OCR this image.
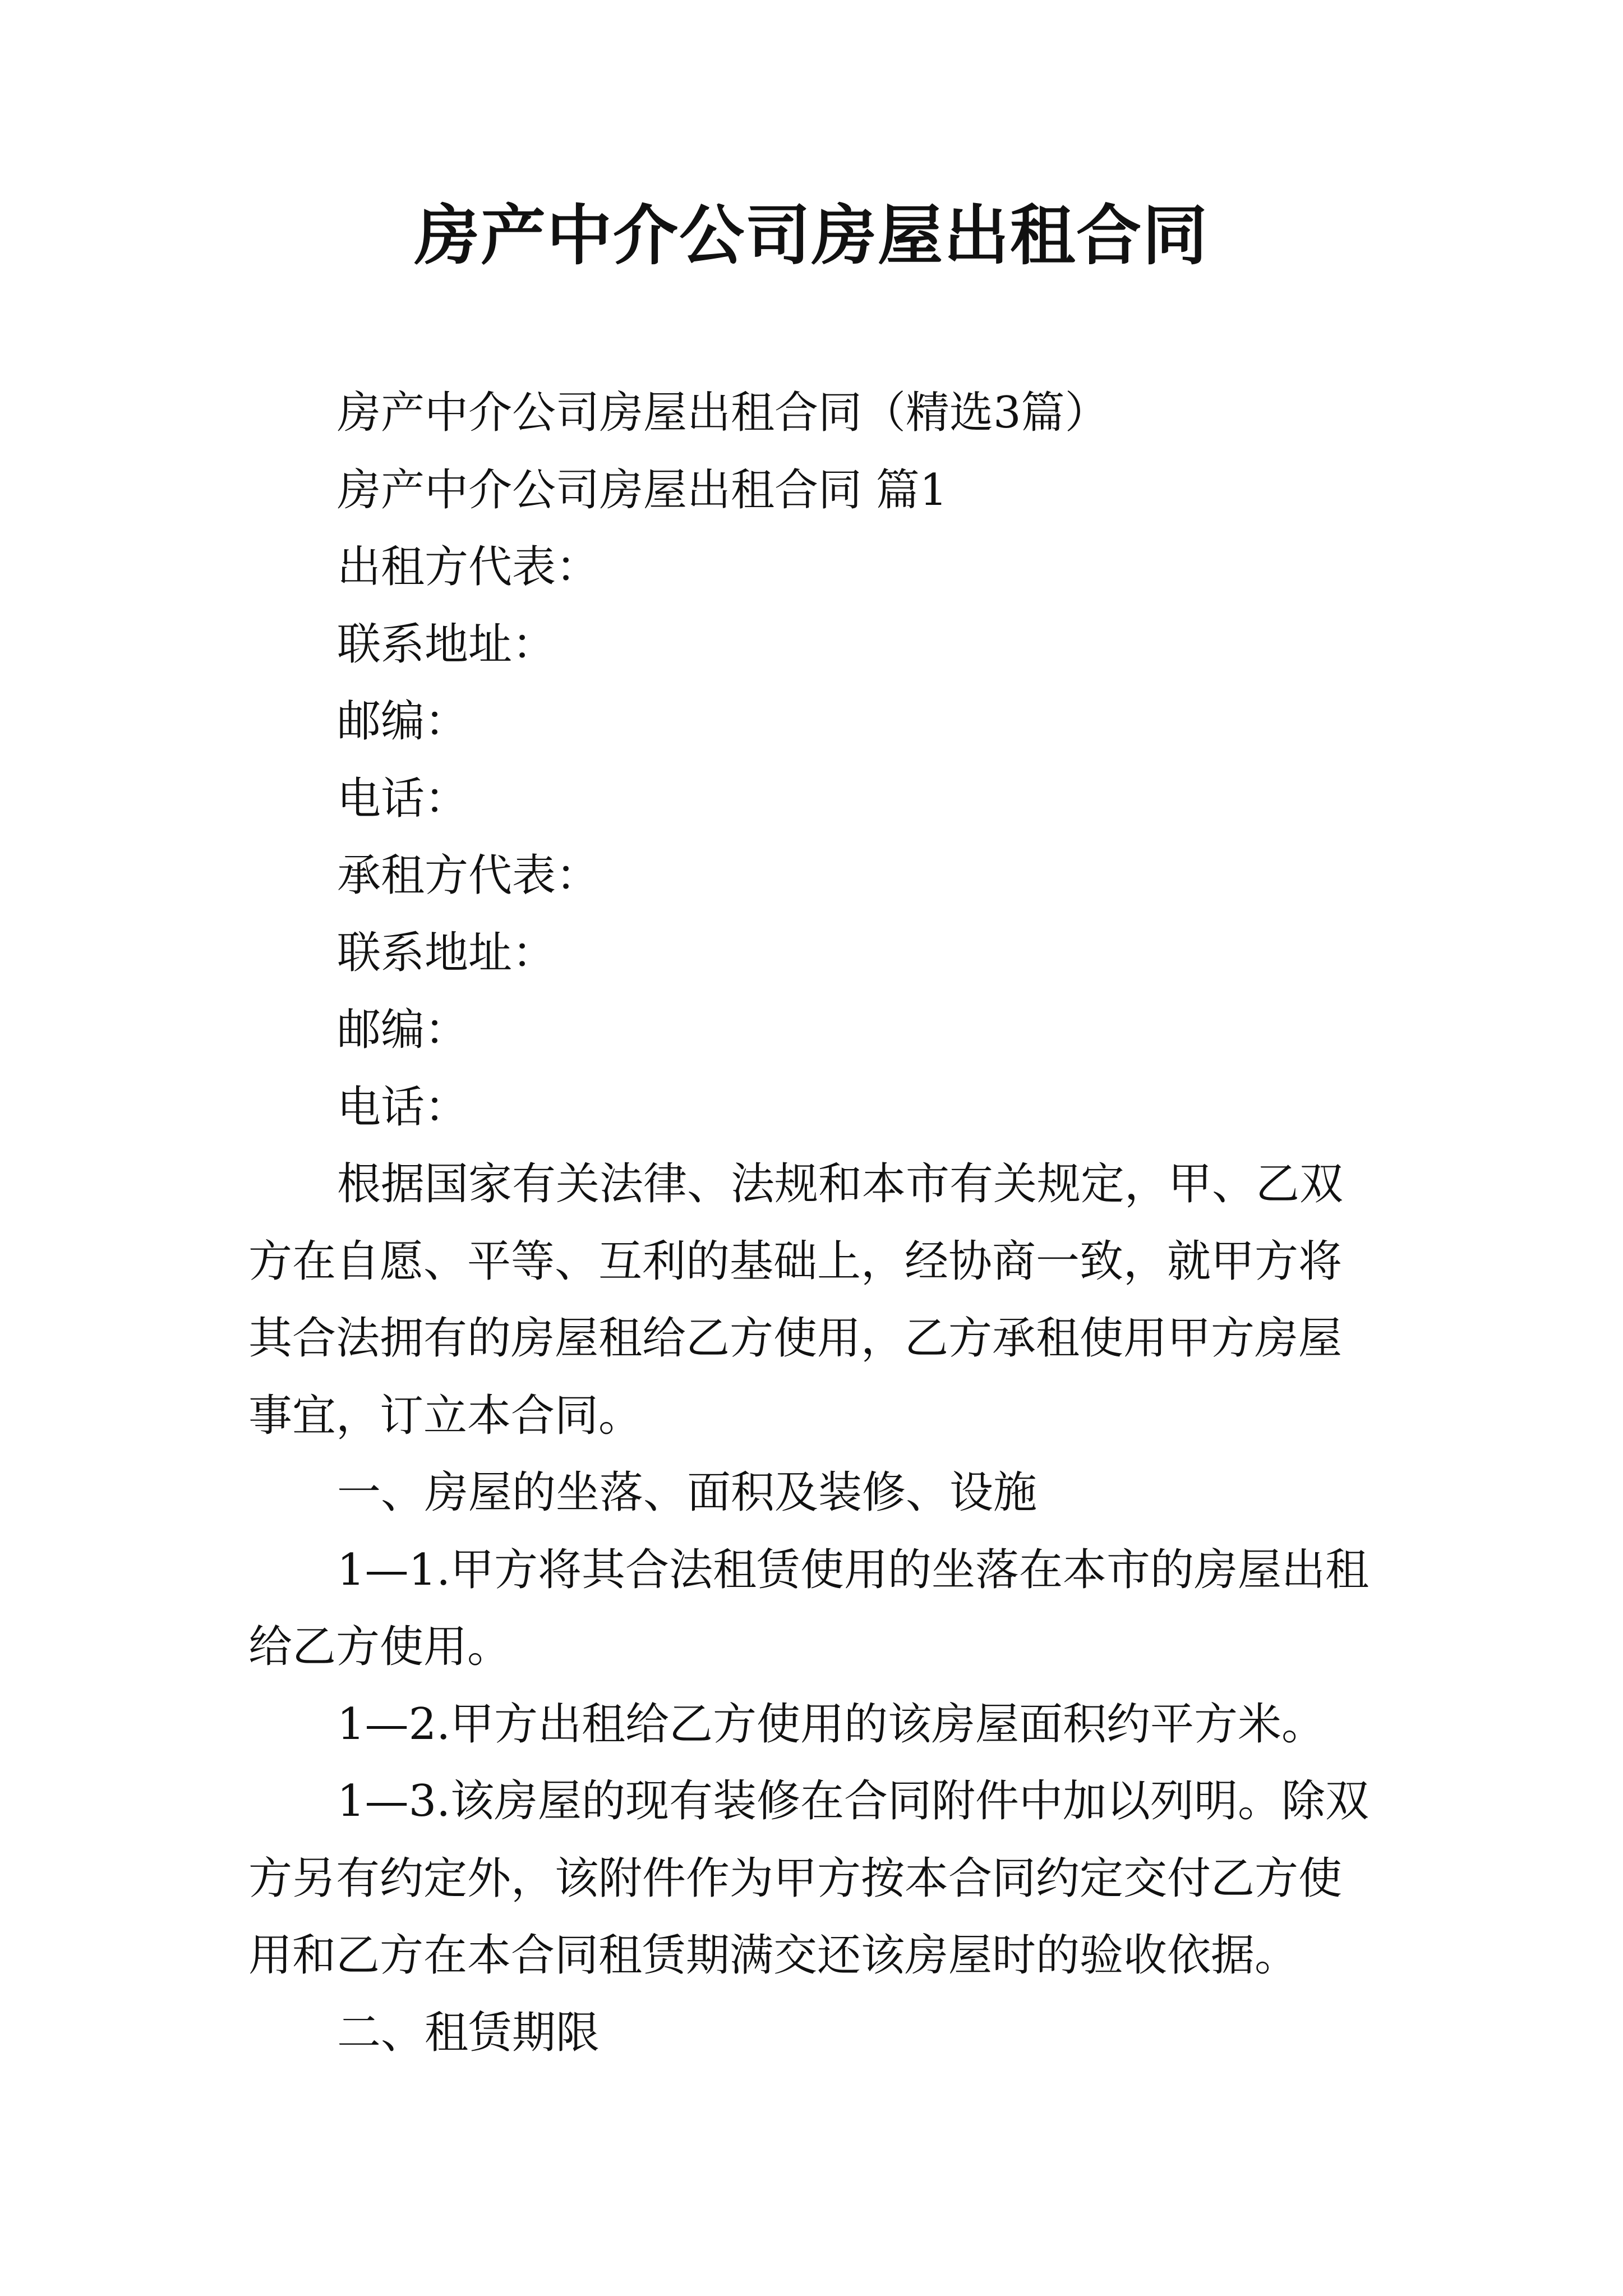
房产中介公司房屋出租合同

房产中介公司房屋出租合同（精选3篇）

房产中介公司房屋出租合同 篇1

出租方代表：

联系地址：

邮编：

电话：

承租方代表：

联系地址：

邮编：

电话：

根据国家有关法律、法规和本市有关规定，甲、乙双方在自愿、平等、互利的基础上，经协商一致，就甲方将其合法拥有的房屋租给乙方使用，乙方承租使用甲方房屋事宜，订立本合同。

一、房屋的坐落、面积及装修、设施

1—1.甲方将其合法租赁使用的坐落在本市的房屋出租给乙方使用。

1—2.甲方出租给乙方使用的该房屋面积约平方米。

1—3.该房屋的现有装修在合同附件中加以列明。除双方另有约定外，该附件作为甲方按本合同约定交付乙方使用和乙方在本合同租赁期满交还该房屋时的验收依据。

二、租赁期限
